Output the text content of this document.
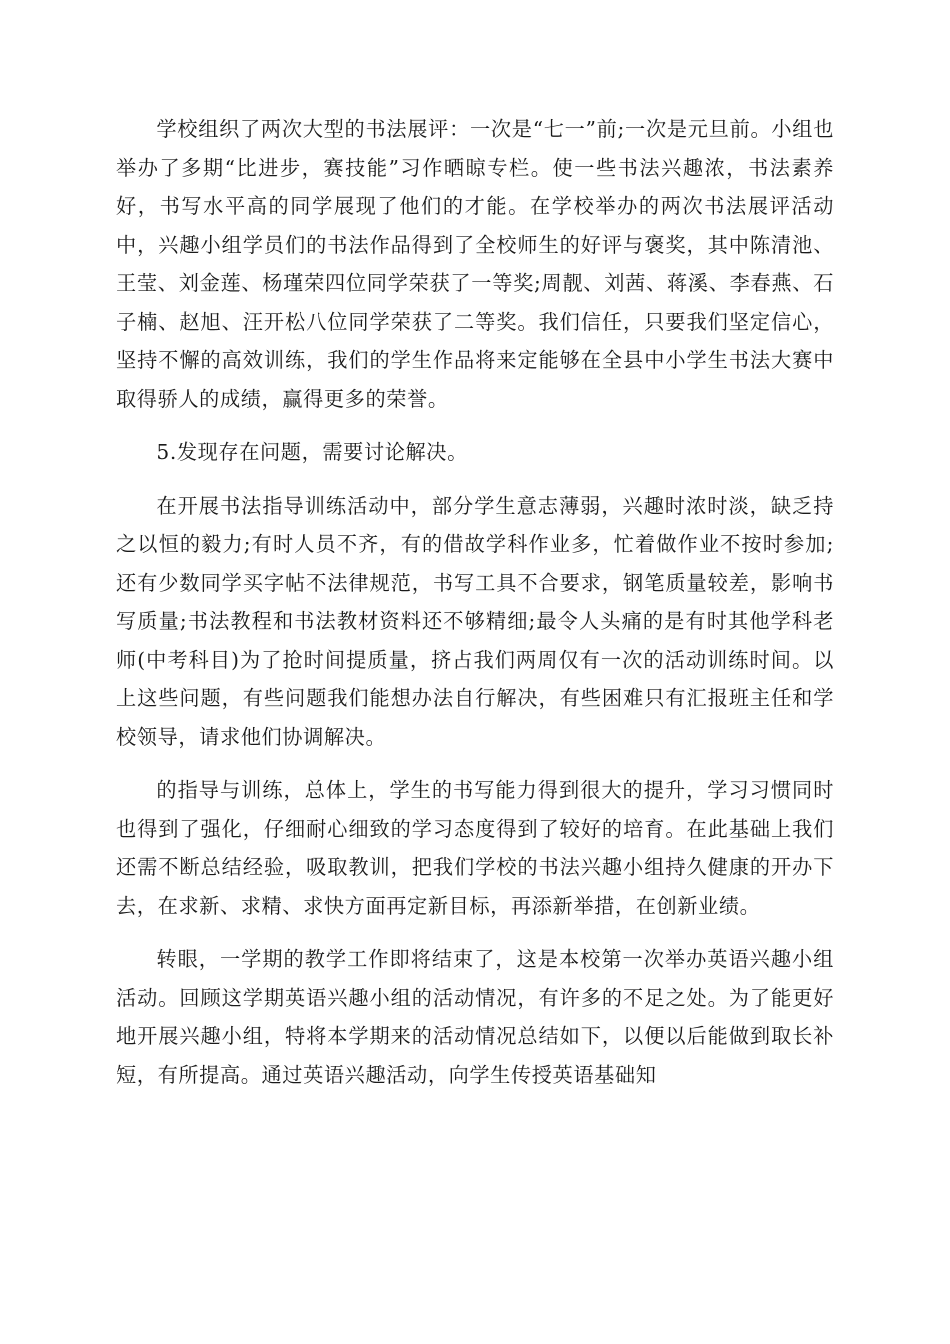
学校组织了两次大型的书法展评：一次是“七一”前;一次是元旦前。小组也举办了多期“比进步，赛技能”习作晒晾专栏。使一些书法兴趣浓，书法素养好，书写水平高的同学展现了他们的才能。在学校举办的两次书法展评活动中，兴趣小组学员们的书法作品得到了全校师生的好评与褒奖，其中陈清池、王莹、刘金莲、杨瑾荣四位同学荣获了一等奖;周靓、刘茜、蒋溪、李春燕、石子楠、赵旭、汪开松八位同学荣获了二等奖。我们信任，只要我们坚定信心，坚持不懈的高效训练，我们的学生作品将来定能够在全县中小学生书法大赛中取得骄人的成绩，赢得更多的荣誉。

5.发现存在问题，需要讨论解决。

在开展书法指导训练活动中，部分学生意志薄弱，兴趣时浓时淡，缺乏持之以恒的毅力;有时人员不齐，有的借故学科作业多，忙着做作业不按时参加;还有少数同学买字帖不法律规范，书写工具不合要求，钢笔质量较差，影响书写质量;书法教程和书法教材资料还不够精细;最令人头痛的是有时其他学科老师(中考科目)为了抢时间提质量，挤占我们两周仅有一次的活动训练时间。以上这些问题，有些问题我们能想办法自行解决，有些困难只有汇报班主任和学校领导，请求他们协调解决。

的指导与训练，总体上，学生的书写能力得到很大的提升，学习习惯同时也得到了强化，仔细耐心细致的学习态度得到了较好的培育。在此基础上我们还需不断总结经验，吸取教训，把我们学校的书法兴趣小组持久健康的开办下去，在求新、求精、求快方面再定新目标，再添新举措，在创新业绩。

转眼，一学期的教学工作即将结束了，这是本校第一次举办英语兴趣小组活动。回顾这学期英语兴趣小组的活动情况，有许多的不足之处。为了能更好地开展兴趣小组，特将本学期来的活动情况总结如下，以便以后能做到取长补短，有所提高。通过英语兴趣活动，向学生传授英语基础知
